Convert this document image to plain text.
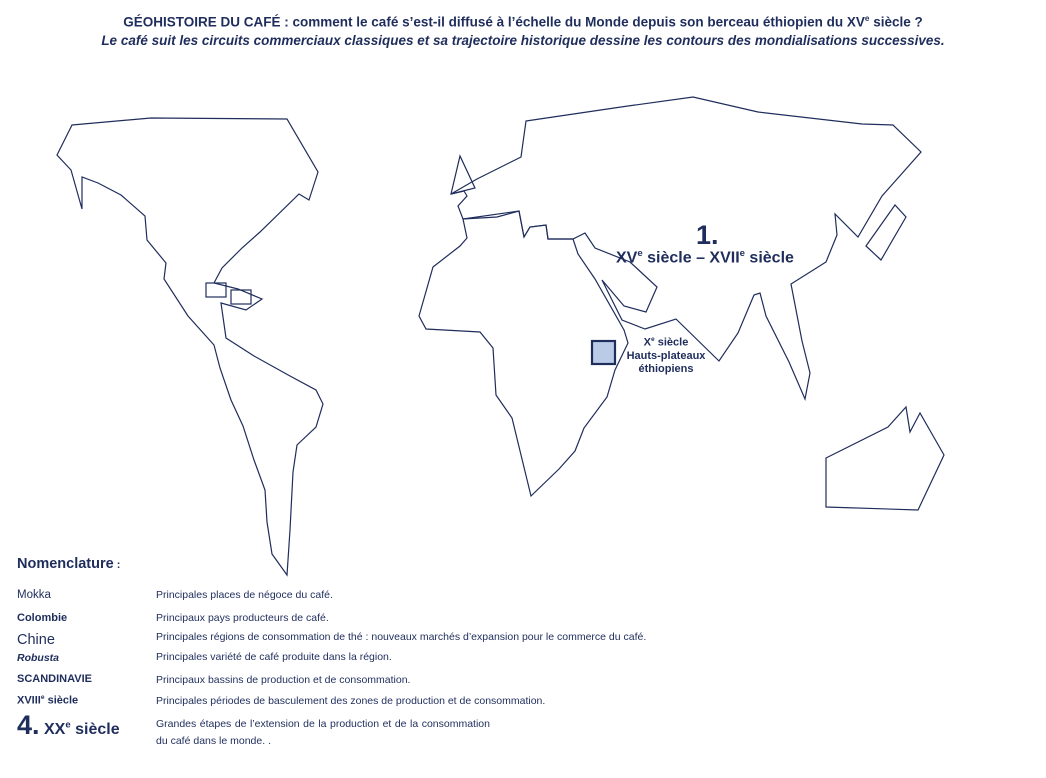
GÉOHISTOIRE DU CAFÉ : comment le café s’est-il diffusé à l’échelle du Monde depuis son berceau éthiopien du XVe siècle ?
Le café suit les circuits commerciaux classiques et sa trajectoire historique dessine les contours des mondialisations successives.
1.
XVe siècle – XVIIe siècle
Xe siècle
Hauts-plateaux
éthiopiens
Nomenclature :
Mokka	Principales places de négoce du café.
Colombie	Principaux pays producteurs de café.
Chine	Principales régions de consommation de thé : nouveaux marchés d’expansion pour le commerce du café.
Robusta	Principales variété de café produite dans la région.
SCANDINAVIE	Principaux bassins de production et de consommation.
XVIIIe siècle	Principales périodes de basculement des zones de production et de consommation.
4. XXe siècle	Grandes étapes de l’extension de la production et de la consommation du café dans le monde. .
